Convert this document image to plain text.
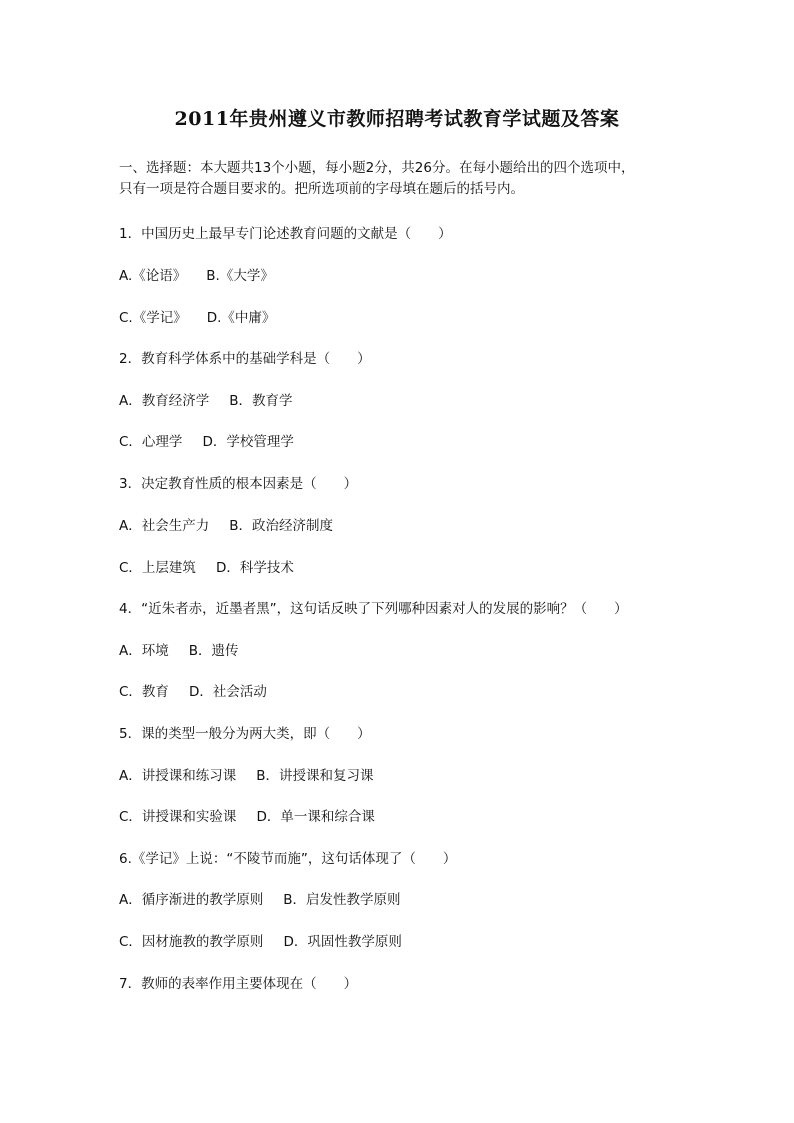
2011年贵州遵义市教师招聘考试教育学试题及答案
一、选择题：本大题共13个小题，每小题2分，共26分。在每小题给出的四个选项中，
只有一项是符合题目要求的。把所选项前的字母填在题后的括号内。
1．中国历史上最早专门论述教育问题的文献是（　　）
A.《论语》 B.《大学》
C.《学记》 D.《中庸》
2．教育科学体系中的基础学科是（　　）
A．教育经济学 B．教育学
C．心理学 D．学校管理学
3．决定教育性质的根本因素是（　　）
A．社会生产力 B．政治经济制度
C．上层建筑 D．科学技术
4．“近朱者赤，近墨者黑”，这句话反映了下列哪种因素对人的发展的影响？（　　）
A．环境 B．遗传
C．教育 D．社会活动
5．课的类型一般分为两大类，即（　　）
A．讲授课和练习课 B．讲授课和复习课
C．讲授课和实验课 D．单一课和综合课
6.《学记》上说：“不陵节而施”，这句话体现了（　　）
A．循序渐进的教学原则 B．启发性教学原则
C．因材施教的教学原则 D．巩固性教学原则
7．教师的表率作用主要体现在（　　）
